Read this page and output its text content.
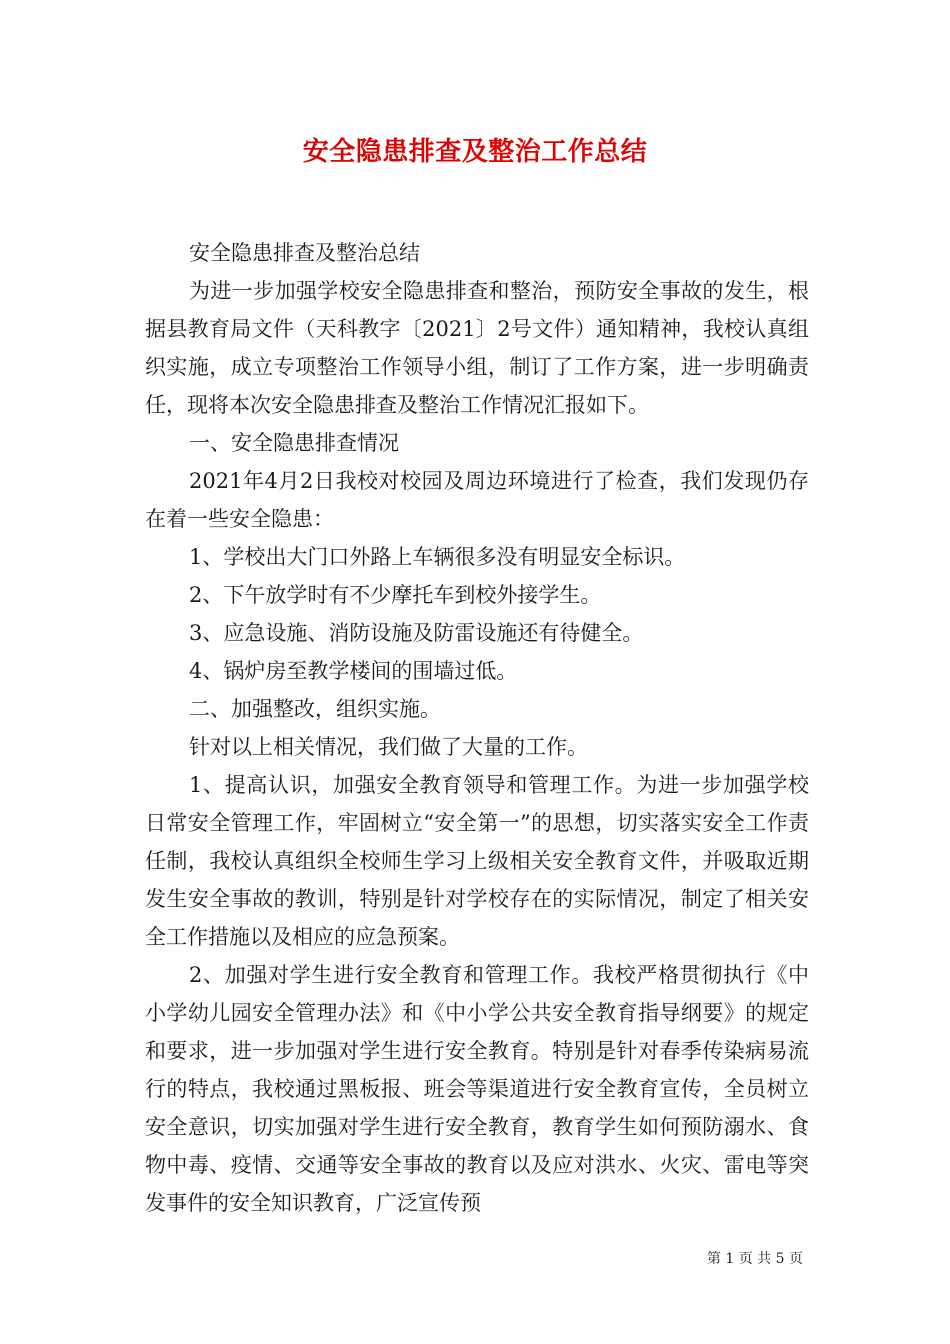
安全隐患排查及整治工作总结

安全隐患排查及整治总结

为进一步加强学校安全隐患排查和整治，预防安全事故的发生，根据县教育局文件（天科教字〔2021〕2号文件）通知精神，我校认真组织实施，成立专项整治工作领导小组，制订了工作方案，进一步明确责任，现将本次安全隐患排查及整治工作情况汇报如下。

一、安全隐患排查情况

2021年4月2日我校对校园及周边环境进行了检查，我们发现仍存在着一些安全隐患：

1、学校出大门口外路上车辆很多没有明显安全标识。

2、下午放学时有不少摩托车到校外接学生。

3、应急设施、消防设施及防雷设施还有待健全。

4、锅炉房至教学楼间的围墙过低。

二、加强整改，组织实施。

针对以上相关情况，我们做了大量的工作。

1、提高认识，加强安全教育领导和管理工作。为进一步加强学校日常安全管理工作，牢固树立“安全第一”的思想，切实落实安全工作责任制，我校认真组织全校师生学习上级相关安全教育文件，并吸取近期发生安全事故的教训，特别是针对学校存在的实际情况，制定了相关安全工作措施以及相应的应急预案。

2、加强对学生进行安全教育和管理工作。我校严格贯彻执行《中小学幼儿园安全管理办法》和《中小学公共安全教育指导纲要》的规定和要求，进一步加强对学生进行安全教育。特别是针对春季传染病易流行的特点，我校通过黑板报、班会等渠道进行安全教育宣传，全员树立安全意识，切实加强对学生进行安全教育，教育学生如何预防溺水、食物中毒、疫情、交通等安全事故的教育以及应对洪水、火灾、雷电等突发事件的安全知识教育，广泛宣传预

第 1 页 共 5 页
